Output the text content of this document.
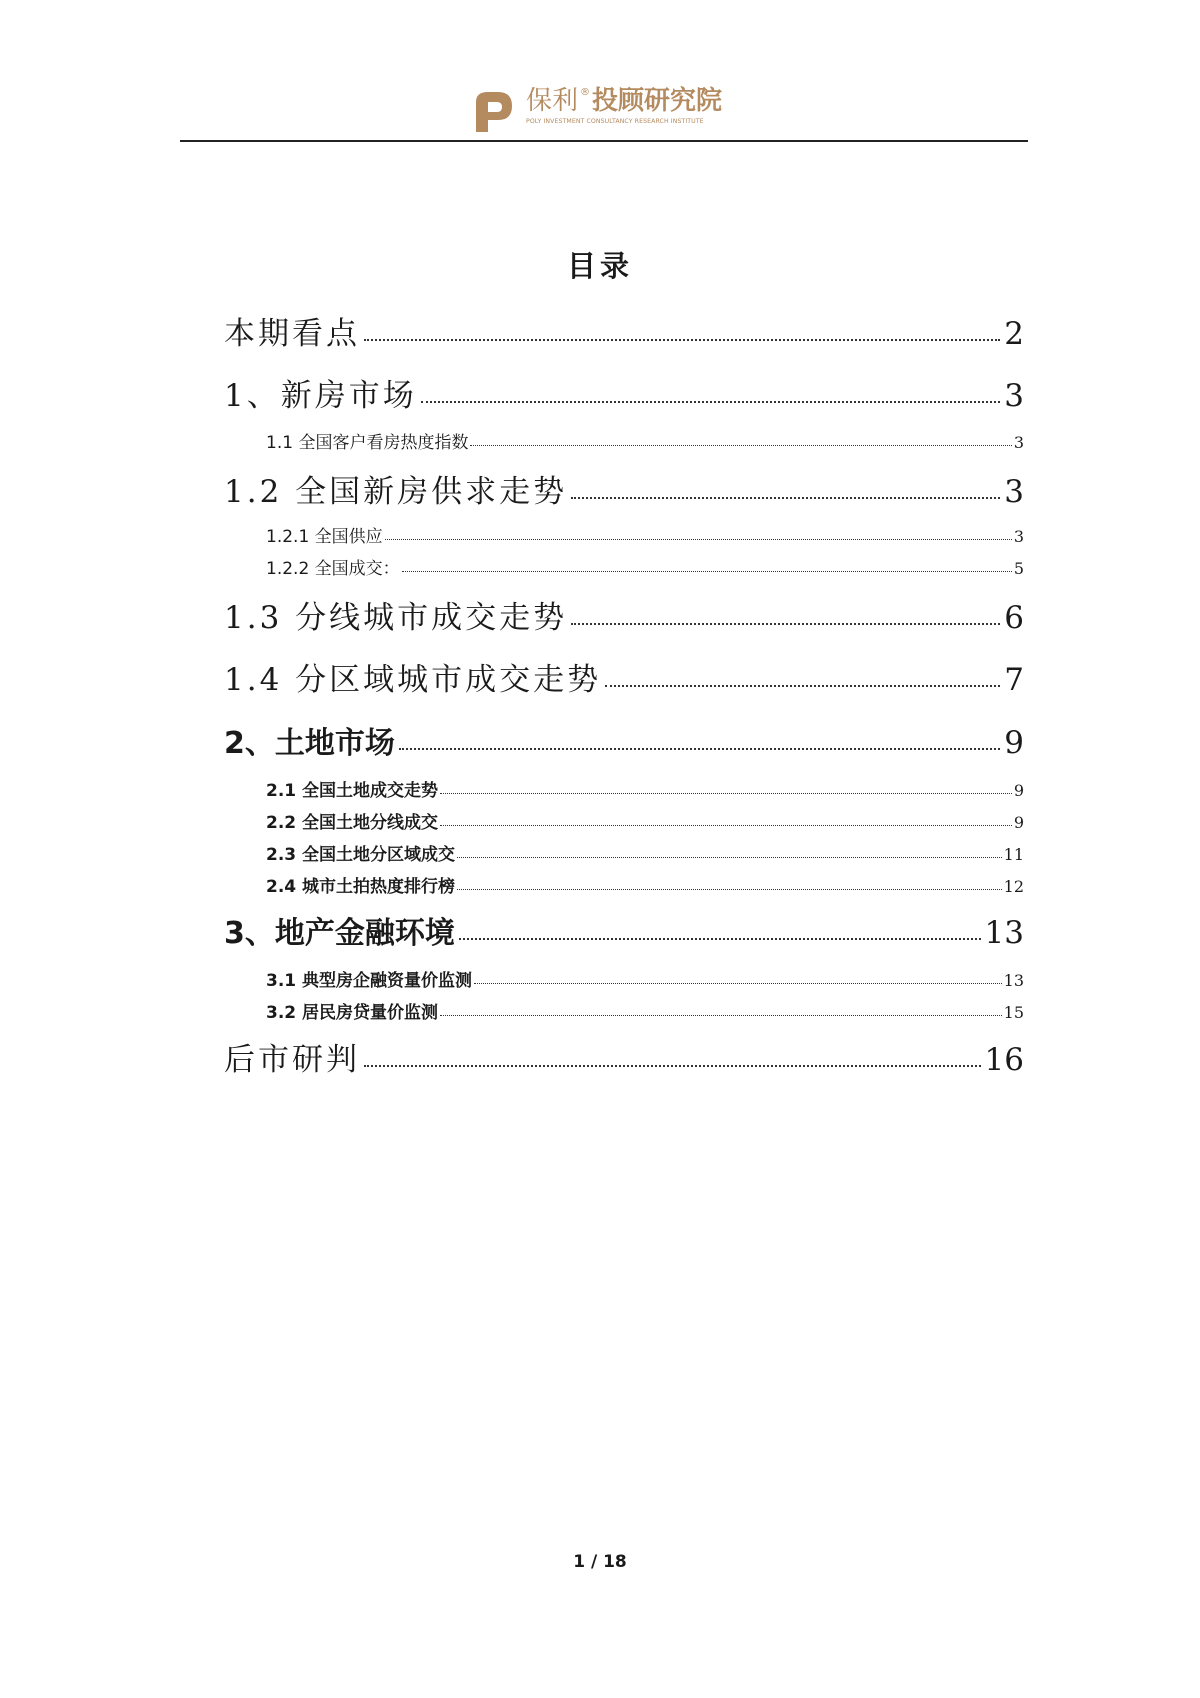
保利 ® 投顾研究院
POLY INVESTMENT CONSULTANCY RESEARCH INSTITUTE
目录
本期看点	2
1、新房市场	3
1.1 全国客户看房热度指数	3
1.2 全国新房供求走势	3
1.2.1 全国供应	3
1.2.2 全国成交：	5
1.3 分线城市成交走势	6
1.4 分区域城市成交走势	7
2、土地市场	9
2.1 全国土地成交走势	9
2.2 全国土地分线成交	9
2.3 全国土地分区域成交	11
2.4 城市土拍热度排行榜	12
3、地产金融环境	13
3.1 典型房企融资量价监测	13
3.2 居民房贷量价监测	15
后市研判	16
1 / 18
